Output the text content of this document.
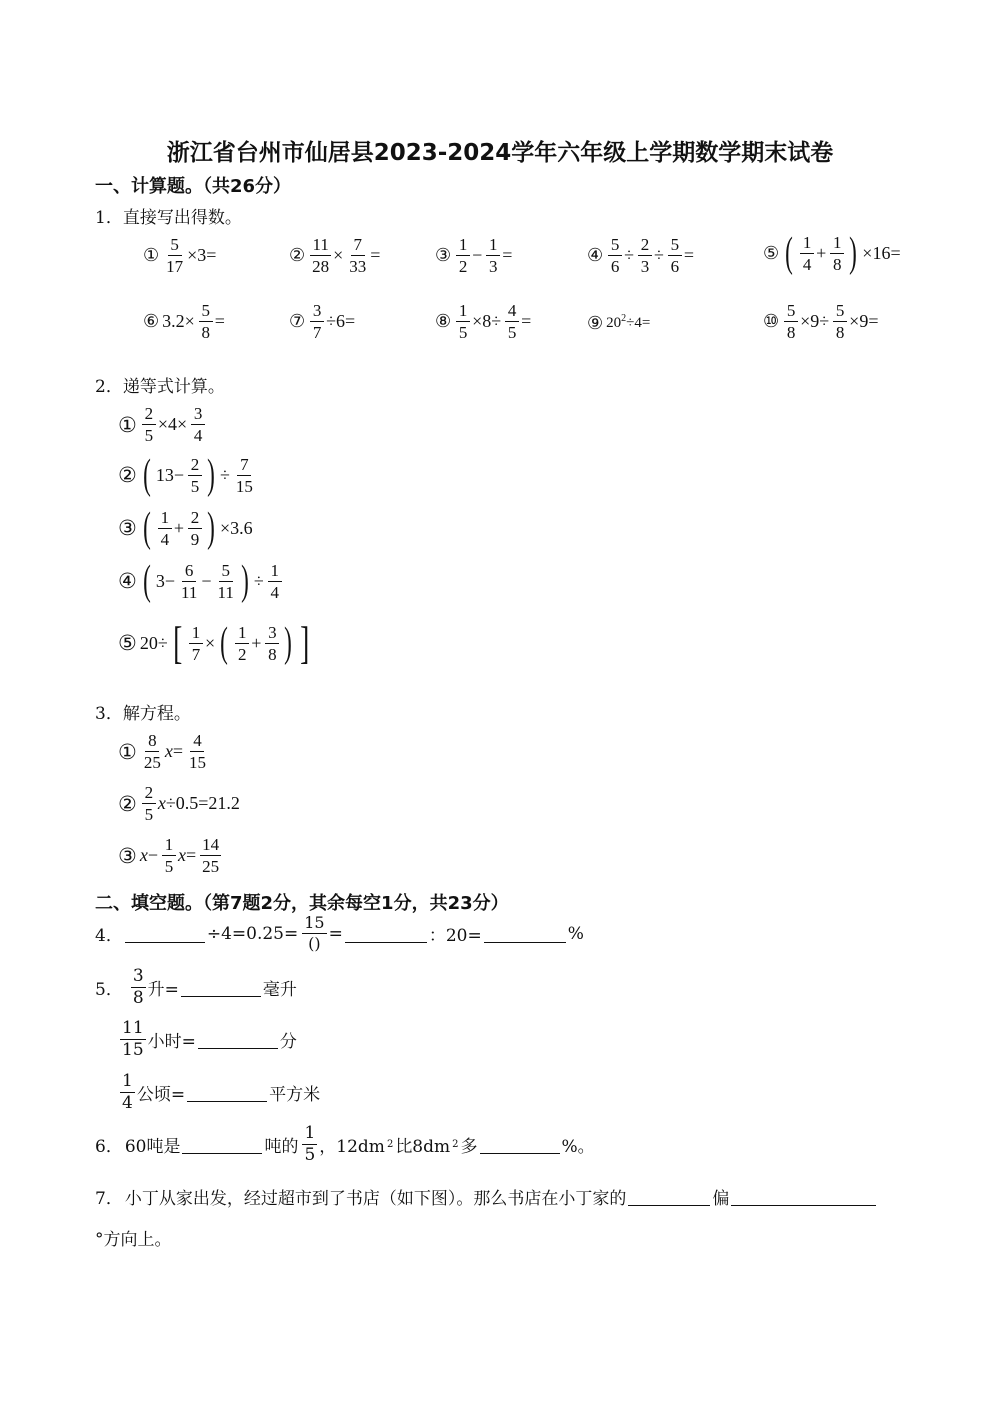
浙江省台州市仙居县2023-2024学年六年级上学期数学期末试卷
一、计算题。（共26分）
1．直接写出得数。
① $\frac{5}{17} \times 3=$	② $\frac{11}{28} \times \frac{7}{33}$ =	③ $\frac{1}{2} - \frac{1}{3}$ =	④ $\frac{5}{6} \div \frac{2}{3} \div \frac{5}{6}$ =	⑤ ( $\frac{1}{4} + \frac{1}{8}$ ) ×16=
⑥ $3.2\times \frac{5}{8}$ =	⑦ $\frac{3}{7} \div 6=$	⑧ $\frac{1}{5} \times 8\div \frac{4}{5}$ =	⑨ $20^2\div 4=$	⑩ $\frac{5}{8} \times 9\div \frac{5}{8} \times 9=$
2．递等式计算。
① $\frac{2}{5} \times 4\times \frac{3}{4}$
② ( $13- \frac{2}{5}$ ) ÷ $\frac{7}{15}$
③ ( $\frac{1}{4} + \frac{2}{9}$ ) ×3.6
④ ( $3- \frac{6}{11} - \frac{5}{11}$ ) ÷ $\frac{1}{4}$
⑤ 20÷ [ $\frac{1}{7}$ × ( $\frac{1}{2} + \frac{3}{8}$ ) ]
3．解方程。
① $\frac{8}{25} x= \frac{4}{15}$
② $\frac{2}{5} x\div 0.5=21.2$
③ $x- \frac{1}{5} x= \frac{14}{25}$
二、填空题。（第7题2分，其余每空1分，共23分）
4．	$\div 4=0.25= \frac{15}{()}$ =	：20=	%
5． $\frac{3}{8}$ 升=	毫升
$\frac{11}{15}$ 小时=	分
$\frac{1}{4}$ 公顷=	平方米
6． 60吨是	吨的 $\frac{1}{5}$ ，12dm 2 比8dm 2 多	%。
7． 小丁从家出发，经过超市到了书店（如下图）。那么书店在小丁家的	偏
°方向上。
